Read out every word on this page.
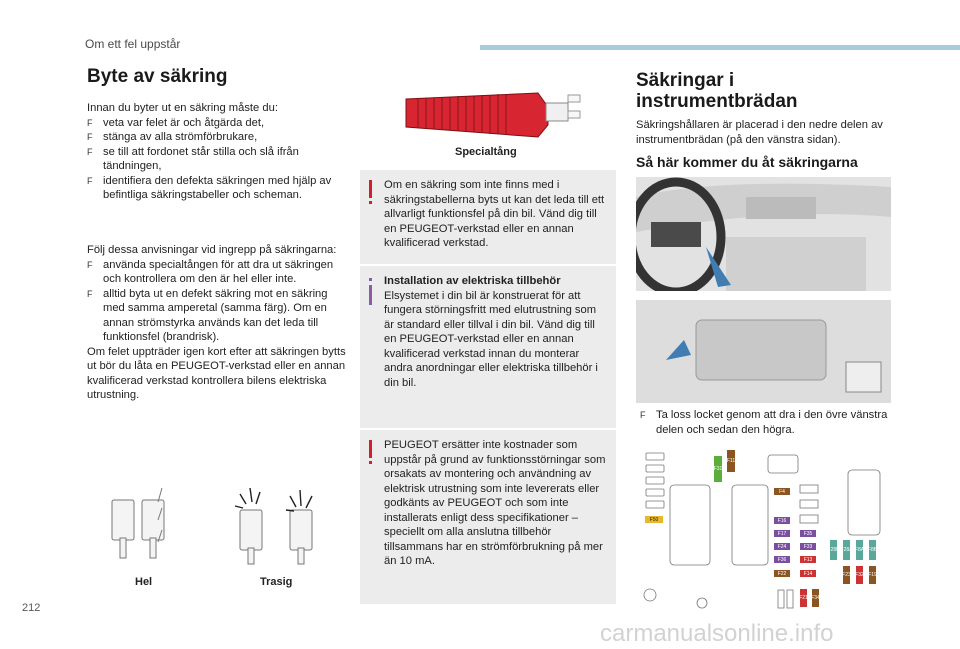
Om ett fel uppstår
Byte av säkring

Innan du byter ut en säkring måste du:

F veta var felet är och åtgärda det,
F stänga av alla strömförbrukare,
F se till att fordonet står stilla och slå ifrån tändningen,
F identifiera den defekta säkringen med hjälp av befintliga säkringstabeller och scheman.

Följ dessa anvisningar vid ingrepp på säkringarna:

F använda specialtången för att dra ut säkringen och kontrollera om den är hel eller inte.
F alltid byta ut en defekt säkring mot en säkring med samma amperetal (samma färg). Om en annan strömstyrka används kan det leda till funktionsfel (brandrisk).

Om felet uppträder igen kort efter att säkringen bytts ut bör du låta en PEUGEOT-verkstad eller en annan kvalificerad verkstad kontrollera bilens elektriska utrustning.

Hel	Trasig
Specialtång
Om en säkring som inte finns med i säkringstabellerna byts ut kan det leda till ett allvarligt funktionsfel på din bil. Vänd dig till en PEUGEOT-verkstad eller en annan kvalificerad verkstad.
Installation av elektriska tillbehör
Elsystemet i din bil är konstruerat för att fungera störningsfritt med elutrustning som är standard eller tillval i din bil. Vänd dig till en PEUGEOT-verkstad eller en annan kvalificerad verkstad innan du monterar andra anordningar eller elektriska tillbehör i din bil.
PEUGEOT ersätter inte kostnader som uppstår på grund av funktionsstörningar som orsakats av montering och användning av elektrisk utrustning som inte levererats eller godkänts av PEUGEOT och som inte installerats enligt dess specifikationer – speciellt om alla anslutna tillbehör tillsammans har en strömförbrukning på mer än 10 mA.
Säkringar i instrumentbrädan
Säkringshållaren är placerad i den nedre delen av instrumentbrädan (på den vänstra sidan).
Så här kommer du åt säkringarna
F Ta loss locket genom att dra i den övre vänstra delen och sedan den högra.
F31
F11
F4
F50	F16
F35
F17
F24	F33
F36	F13
F22	F14
F21 F34
F28B F28A F8A F8B
F23 F32 F19
212
carmanualsonline.info
